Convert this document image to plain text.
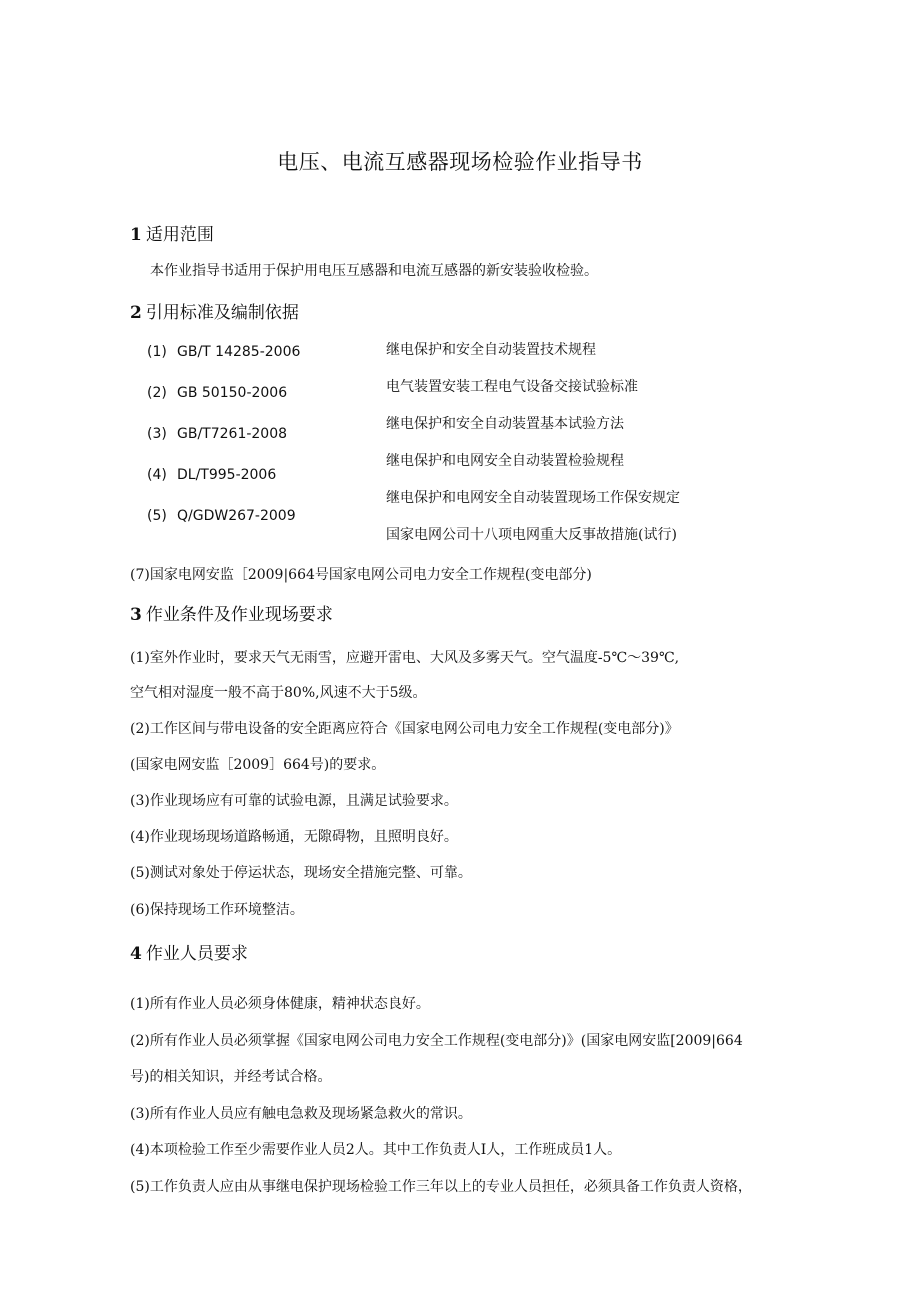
电压、电流互感器现场检验作业指导书
1 适用范围
本作业指导书适用于保护用电压互感器和电流互感器的新安装验收检验。
2 引用标准及编制依据
(1) GB/T 14285-2006
(2) GB 50150-2006
(3) GB/T7261-2008
(4) DL/T995-2006
(5) Q/GDW267-2009
继电保护和安全自动装置技术规程
电气装置安装工程电气设备交接试验标准
继电保护和安全自动装置基本试验方法
继电保护和电网安全自动装置检验规程
继电保护和电网安全自动装置现场工作保安规定
国家电网公司十八项电网重大反事故措施(试行)
(7)国家电网安监［2009|664号国家电网公司电力安全工作规程(变电部分)
3 作业条件及作业现场要求
(1)室外作业时，要求天气无雨雪，应避开雷电、大风及多雾天气。空气温度-5℃〜39℃,
空气相对湿度一般不高于80%,风速不大于5级。
(2)工作区间与带电设备的安全距离应符合《国家电网公司电力安全工作规程(变电部分)》
(国家电网安监［2009］664号)的要求。
(3)作业现场应有可靠的试验电源，且满足试验要求。
(4)作业现场现场道路畅通，无隙碍物，且照明良好。
(5)测试对象处于停运状态，现场安全措施完整、可靠。
(6)保持现场工作环境整洁。
4 作业人员要求
(1)所有作业人员必须身体健康，精神状态良好。
(2)所有作业人员必须掌握《国家电网公司电力安全工作规程(变电部分)》(国家电网安监[2009|664
号)的相关知识，并经考试合格。
(3)所有作业人员应有触电急救及现场紧急救火的常识。
(4)本项检验工作至少需要作业人员2人。其中工作负责人I人，工作班成员1人。
(5)工作负责人应由从事继电保护现场检验工作三年以上的专业人员担任，必须具备工作负责人资格，
